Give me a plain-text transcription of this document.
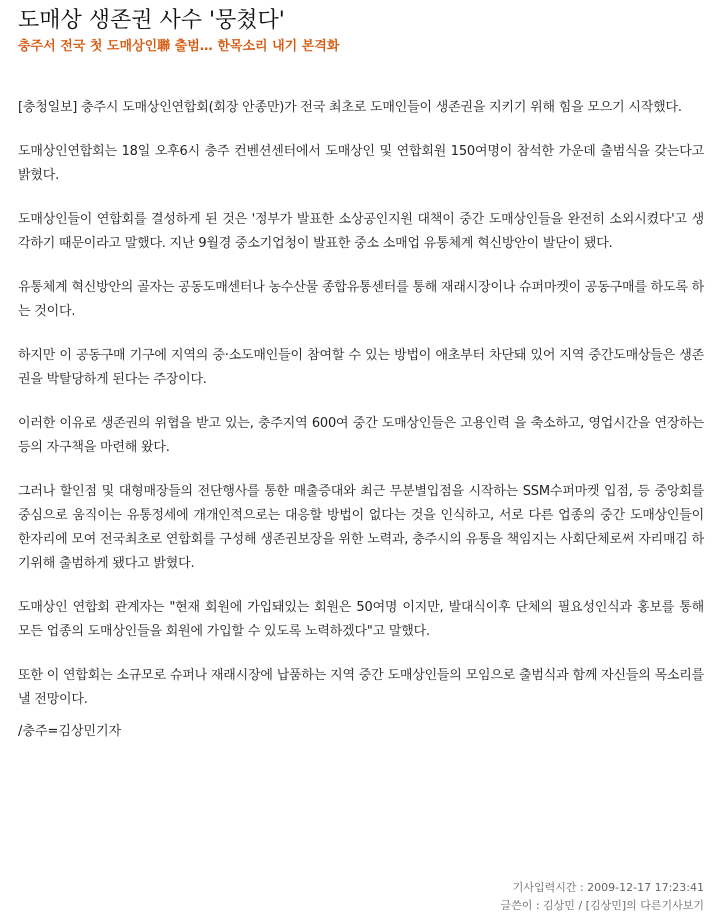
도매상 생존권 사수 '뭉쳤다'
충주서 전국 첫 도매상인聯 출범… 한목소리 내기 본격화

[충청일보] 충주시 도매상인연합회(회장 안종만)가 전국 최초로 도매인들이 생존권을 지키기 위해 힘을 모으기 시작했다.

도매상인연합회는 18일 오후6시 충주 컨벤션센터에서 도매상인 및 연합회원 150여명이 참석한 가운데 출범식을 갖는다고 밝혔다.

도매상인들이 연합회를 결성하게 된 것은 '정부가 발표한 소상공인지원 대책이 중간 도매상인들을 완전히 소외시켰다'고 생각하기 때문이라고 말했다. 지난 9월경 중소기업청이 발표한 중소 소매업 유통체계 혁신방안이 발단이 됐다.

유통체계 혁신방안의 골자는 공동도매센터나 농수산물 종합유통센터를 통해 재래시장이나 슈퍼마켓이 공동구매를 하도록 하는 것이다.

하지만 이 공동구매 기구에 지역의 중·소도매인들이 참여할 수 있는 방법이 애초부터 차단돼 있어 지역 중간도매상들은 생존권을 박탈당하게 된다는 주장이다.

이러한 이유로 생존권의 위협을 받고 있는, 충주지역 600여 중간 도매상인들은 고용인력 을 축소하고, 영업시간을 연장하는 등의 자구책을 마련해 왔다.

그러나 할인점 및 대형매장들의 전단행사를 통한 매출증대와 최근 무분별입점을 시작하는 SSM수퍼마켓 입점, 등 중앙회를 중심으로 움직이는 유통정세에 개개인적으로는 대응할 방법이 없다는 것을 인식하고, 서로 다른 업종의 중간 도매상인들이 한자리에 모여 전국최초로 연합회를 구성해 생존권보장을 위한 노력과, 충주시의 유통을 책임지는 사회단체로써 자리매김 하기위해 출범하게 됐다고 밝혔다.

도매상인 연합회 관계자는 "현재 회원에 가입돼있는 회원은 50여명 이지만, 발대식이후 단체의 필요성인식과 홍보를 통해 모든 업종의 도매상인들을 회원에 가입할 수 있도록 노력하겠다"고 말했다.

또한 이 연합회는 소규모로 슈퍼나 재래시장에 납품하는 지역 중간 도매상인들의 모임으로 출범식과 함께 자신들의 목소리를 낼 전망이다.

/충주=김상민기자

기사입력시간 : 2009-12-17 17:23:41
글쓴이 : 김상민 / [김상민]의 다른기사보기
